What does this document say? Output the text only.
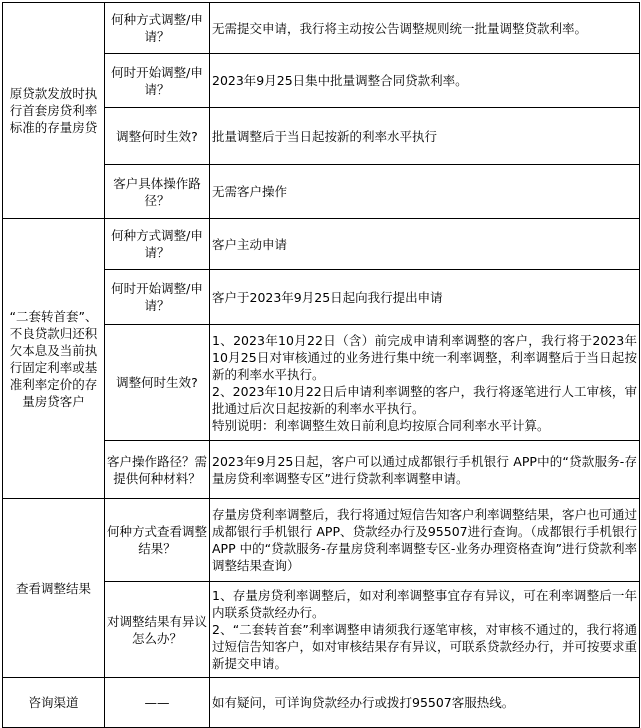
原贷款发放时执行首套房贷利率标准的存量房贷	何种方式调整/申请？	无需提交申请，我行将主动按公告调整规则统一批量调整贷款利率。

	何时开始调整/申请？	2023年9月25日集中批量调整合同贷款利率。

	调整何时生效?	批量调整后于当日起按新的利率水平执行

	客户具体操作路径？	无需客户操作

“二套转首套”、不良贷款归还积欠本息及当前执行固定利率或基准利率定价的存量房贷客户	何种方式调整/申请？	客户主动申请

	何时开始调整/申请？	客户于2023年9月25日起向我行提出申请

	调整何时生效?	1、2023年10月22日（含）前完成申请利率调整的客户，我行将于2023年10月25日对审核通过的业务进行集中统一利率调整，利率调整后于当日起按新的利率水平执行。
2、2023年10月22日后申请利率调整的客户，我行将逐笔进行人工审核，审批通过后次日起按新的利率水平执行。
特别说明：利率调整生效日前利息均按原合同利率水平计算。

	客户操作路径？需提供何种材料？	2023年9月25日起，客户可以通过成都银行手机银行 APP中的“贷款服务-存量房贷利率调整专区”进行贷款利率调整申请。

查看调整结果	何种方式查看调整结果？	存量房贷利率调整后，我行将通过短信告知客户利率调整结果，客户也可通过成都银行手机银行 APP、贷款经办行及95507进行查询。（成都银行手机银行 APP 中的“贷款服务-存量房贷利率调整专区-业务办理资格查询”进行贷款利率调整结果查询）

	对调整结果有异议怎么办？	1、存量房贷利率调整后，如对利率调整事宜存有异议，可在利率调整后一年内联系贷款经办行。
2、“二套转首套”利率调整申请须我行逐笔审核，对审核不通过的，我行将通过短信告知客户，如对审核结果存有异议，可联系贷款经办行，并可按要求重新提交申请。

咨询渠道	——	如有疑问，可详询贷款经办行或拨打95507客服热线。
